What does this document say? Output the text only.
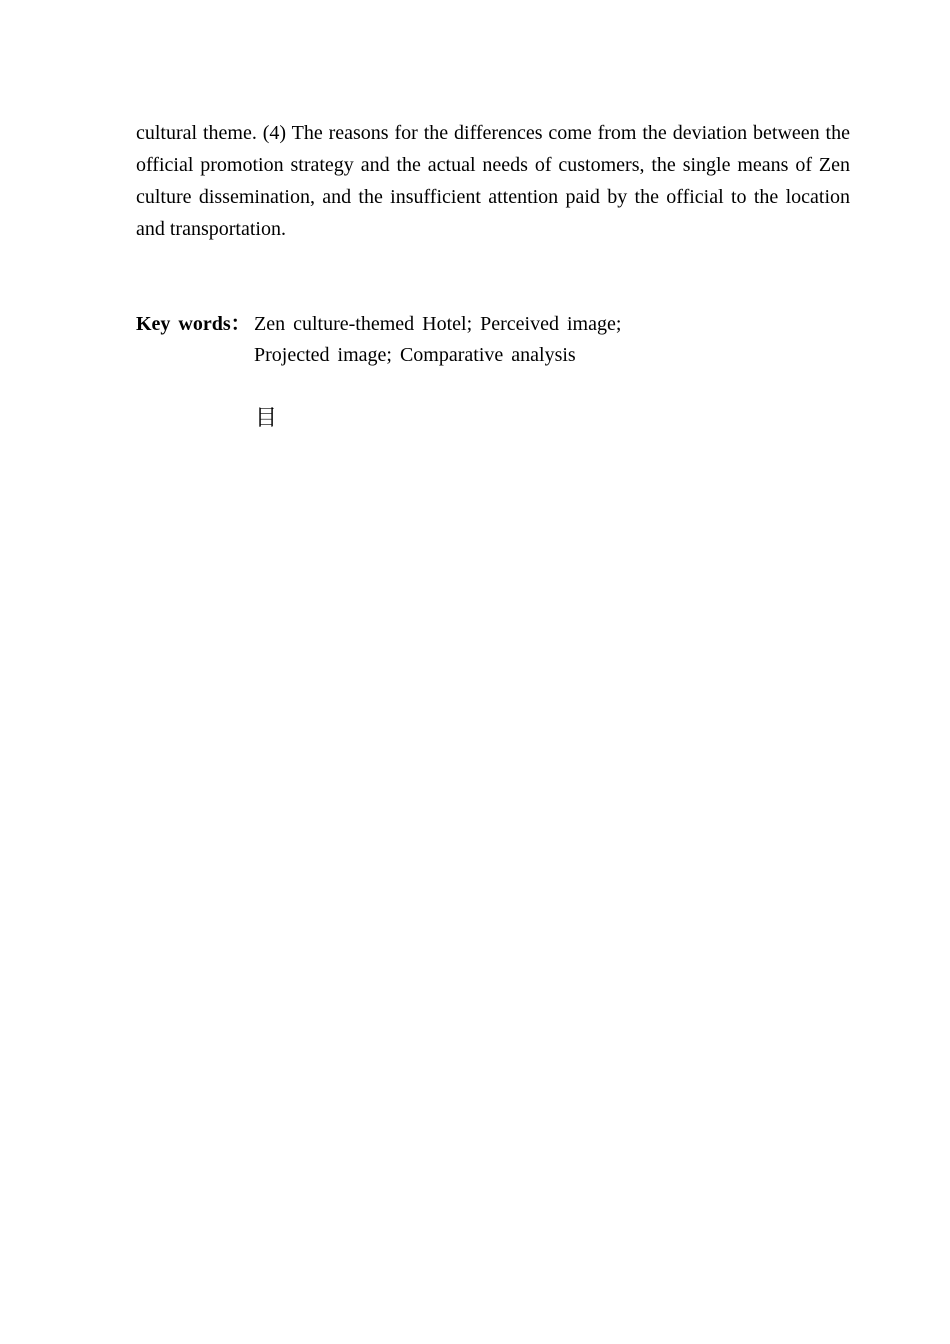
cultural theme. (4) The reasons for the differences come from the deviation between the official promotion strategy and the actual needs of customers, the single means of Zen culture dissemination, and the insufficient attention paid by the official to the location and transportation.

Key words： Zen culture-themed Hotel; Perceived image;
Projected image; Comparative analysis
目
